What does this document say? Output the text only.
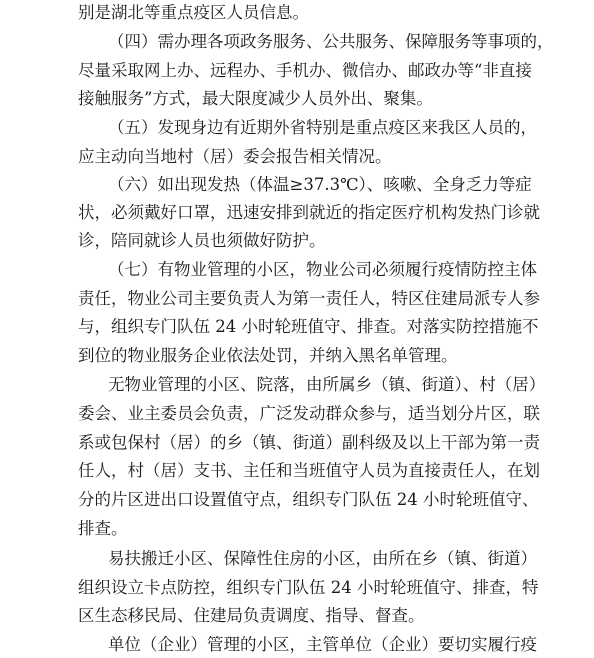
别是湖北等重点疫区人员信息。
（四）需办理各项政务服务、公共服务、保障服务等事项的，
尽量采取网上办、远程办、手机办、微信办、邮政办等“非直接
接触服务”方式，最大限度减少人员外出、聚集。
（五）发现身边有近期外省特别是重点疫区来我区人员的，
应主动向当地村（居）委会报告相关情况。
（六）如出现发热（体温≥37.3℃）、咳嗽、全身乏力等症
状，必须戴好口罩，迅速安排到就近的指定医疗机构发热门诊就
诊，陪同就诊人员也须做好防护。
（七）有物业管理的小区，物业公司必须履行疫情防控主体
责任，物业公司主要负责人为第一责任人，特区住建局派专人参
与，组织专门队伍 24 小时轮班值守、排查。对落实防控措施不
到位的物业服务企业依法处罚，并纳入黑名单管理。
无物业管理的小区、院落，由所属乡（镇、街道）、村（居）
委会、业主委员会负责，广泛发动群众参与，适当划分片区，联
系或包保村（居）的乡（镇、街道）副科级及以上干部为第一责
任人，村（居）支书、主任和当班值守人员为直接责任人，在划
分的片区进出口设置值守点，组织专门队伍 24 小时轮班值守、
排查。
易扶搬迁小区、保障性住房的小区，由所在乡（镇、街道）
组织设立卡点防控，组织专门队伍 24 小时轮班值守、排查，特
区生态移民局、住建局负责调度、指导、督查。
单位（企业）管理的小区，主管单位（企业）要切实履行疫
